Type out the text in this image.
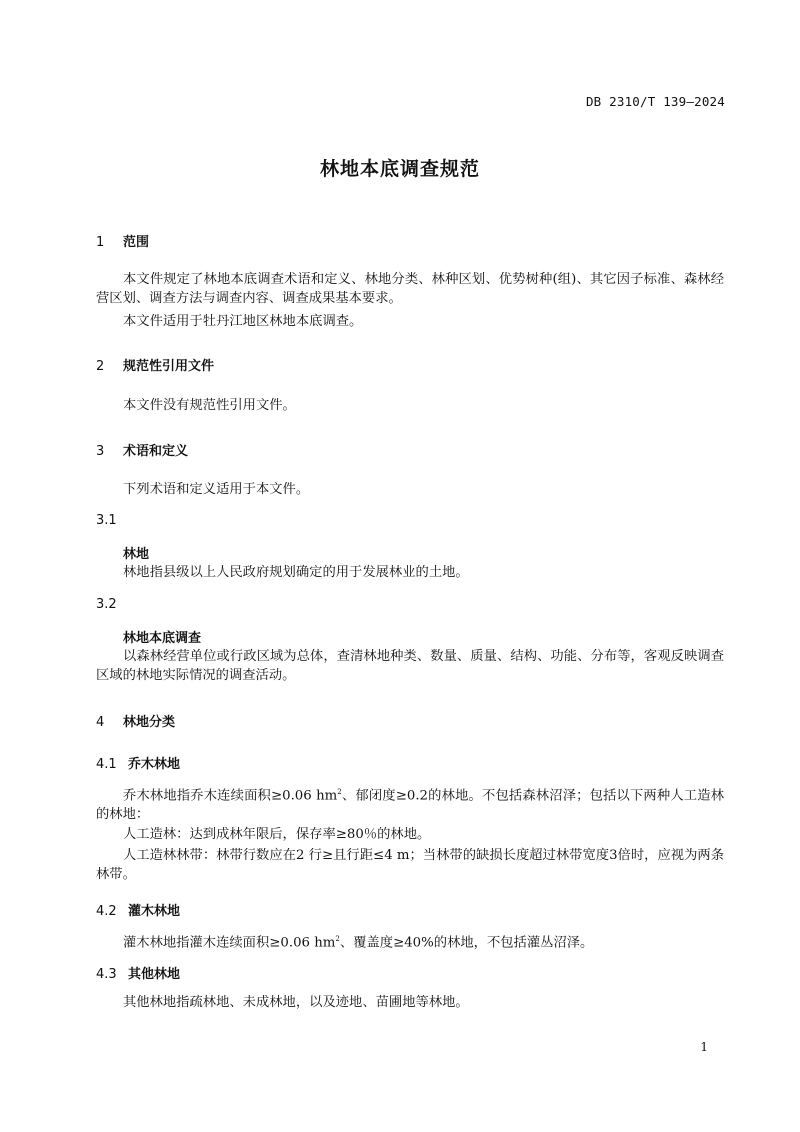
DB 2310/T 139—2024
林地本底调查规范
1 范围
本文件规定了林地本底调查术语和定义、林地分类、林种区划、优势树种(组)、其它因子标准、森林经营区划、调查方法与调查内容、调查成果基本要求。
本文件适用于牡丹江地区林地本底调查。
2 规范性引用文件
本文件没有规范性引用文件。
3 术语和定义
下列术语和定义适用于本文件。
3.1
林地
林地指县级以上人民政府规划确定的用于发展林业的土地。
3.2
林地本底调查
以森林经营单位或行政区域为总体，查清林地种类、数量、质量、结构、功能、分布等，客观反映调查区域的林地实际情况的调查活动。
4 林地分类
4.1 乔木林地
乔木林地指乔木连续面积≥0.06 $hm^2$、郁闭度≥0.2的林地。不包括森林沼泽；包括以下两种人工造林的林地：
人工造林：达到成林年限后，保存率≥80％的林地。
人工造林林带：林带行数应在2 行≥且行距≤4 m；当林带的缺损长度超过林带宽度3倍时，应视为两条林带。
4.2 灌木林地
灌木林地指灌木连续面积≥0.06 $hm^2$、覆盖度≥40%的林地，不包括灌丛沼泽。
4.3 其他林地
其他林地指疏林地、未成林地，以及迹地、苗圃地等林地。
1
